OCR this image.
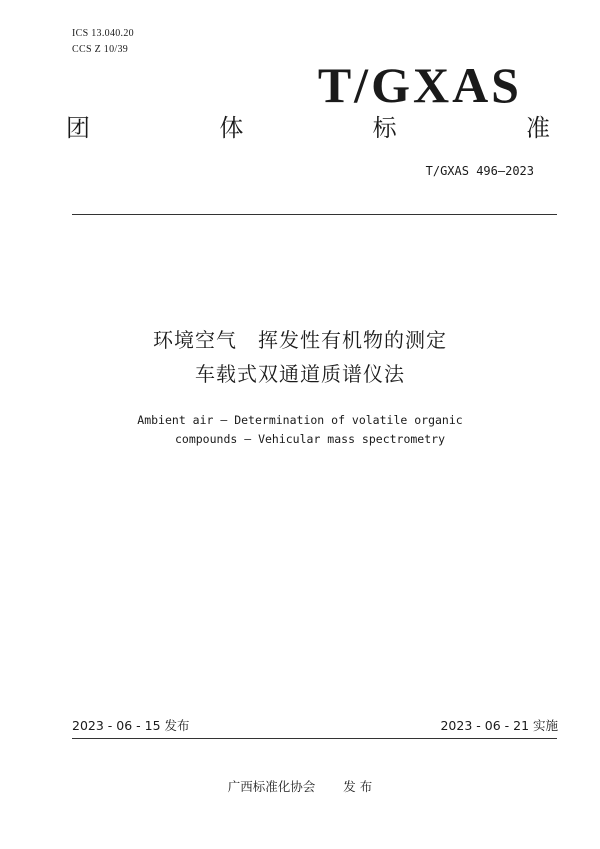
ICS 13.040.20
CCS Z 10/39
T/GXAS
团	体	标	准
T/GXAS 496—2023
环境空气　挥发性有机物的测定
车载式双通道质谱仪法
Ambient air — Determination of volatile organic
compounds — Vehicular mass spectrometry
2023 - 06 - 15 发布	2023 - 06 - 21 实施
广西标准化协会 发 布
